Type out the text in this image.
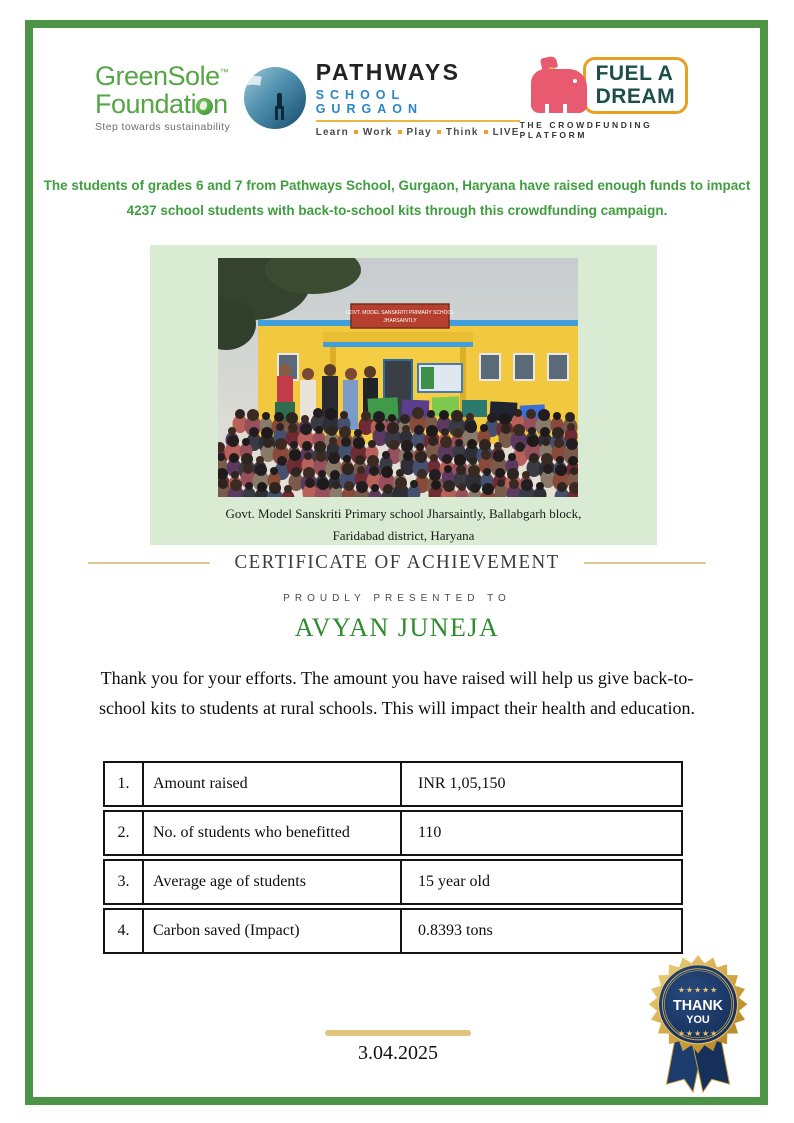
GreenSole™
Foundati n
Step towards sustainability
PATHWAYS
SCHOOL GURGAON
Learn Work Play Think LIVE
FUEL A
DREAM
THE CROWDFUNDING PLATFORM
The students of grades 6 and 7 from Pathways School, Gurgaon, Haryana have raised enough funds to impact
4237 school students with back-to-school kits through this crowdfunding campaign.
GOVT. MODEL SANSKRITI PRIMARY SCHOOL
JHARSAINTLY
Govt. Model Sanskriti Primary school Jharsaintly, Ballabgarh block,
Faridabad district, Haryana
CERTIFICATE OF ACHIEVEMENT
PROUDLY PRESENTED TO
AVYAN JUNEJA
Thank you for your efforts. The amount you have raised will help us give back-to-
school kits to students at rural schools. This will impact their health and education.
1.	Amount raised	INR 1,05,150
2.	No. of students who benefitted	110
3.	Average age of students	15 year old
4.	Carbon saved (Impact)	0.8393 tons
3.04.2025
★★★★★
THANK
YOU
★★★★★
